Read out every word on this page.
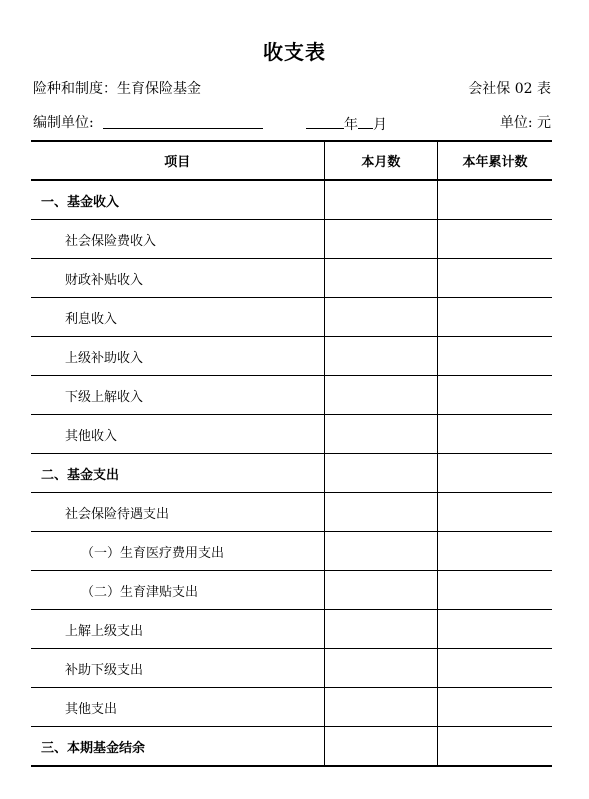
收支表
险种和制度：生育保险基金	会社保 02 表
编制单位:	年 月	单位: 元
项目	本月数	本年累计数
一、基金收入		
社会保险费收入		
财政补贴收入		
利息收入		
上级补助收入		
下级上解收入		
其他收入		
二、基金支出		
社会保险待遇支出		
（一）生育医疗费用支出		
（二）生育津贴支出		
上解上级支出		
补助下级支出		
其他支出		
三、本期基金结余		
